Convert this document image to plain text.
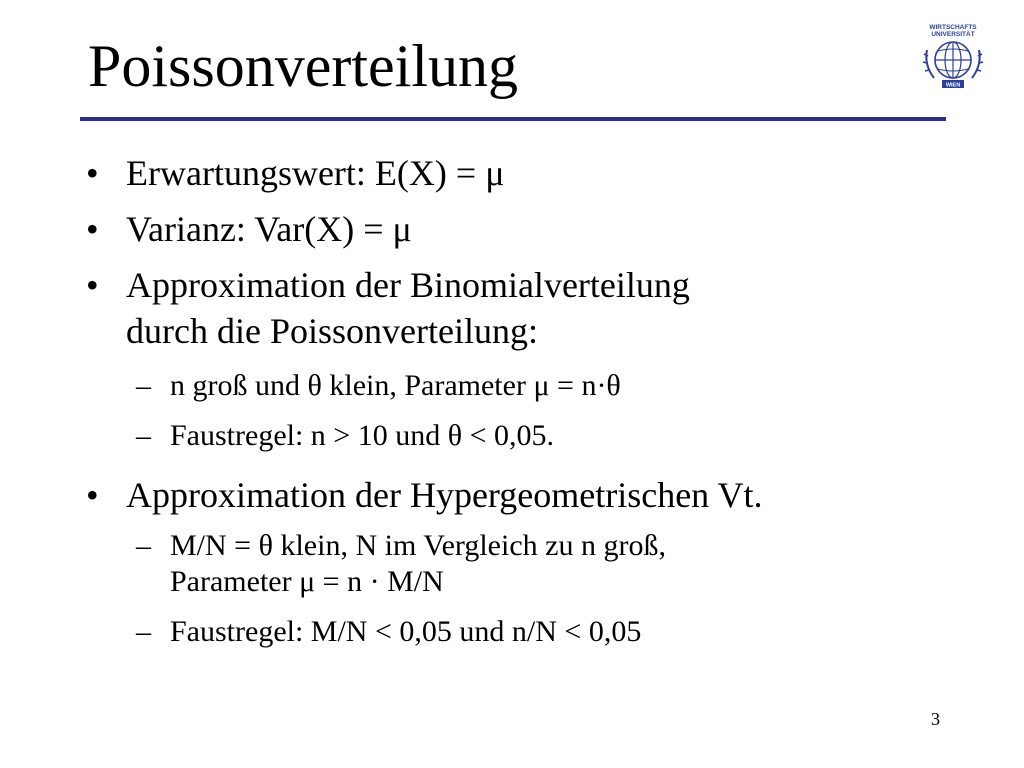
Poissonverteilung
WIRTSCHAFTS
UNIVERSITÄT
WIEN
• Erwartungswert: E(X) = μ
• Varianz: Var(X) = μ
• Approximation der Binomialverteilung
durch die Poissonverteilung:
– n groß und θ klein, Parameter μ = n·θ
– Faustregel: n > 10 und θ < 0,05.
• Approximation der Hypergeometrischen Vt.
– M/N = θ klein, N im Vergleich zu n groß,
Parameter μ = n · M/N
– Faustregel: M/N < 0,05 und n/N < 0,05
3
